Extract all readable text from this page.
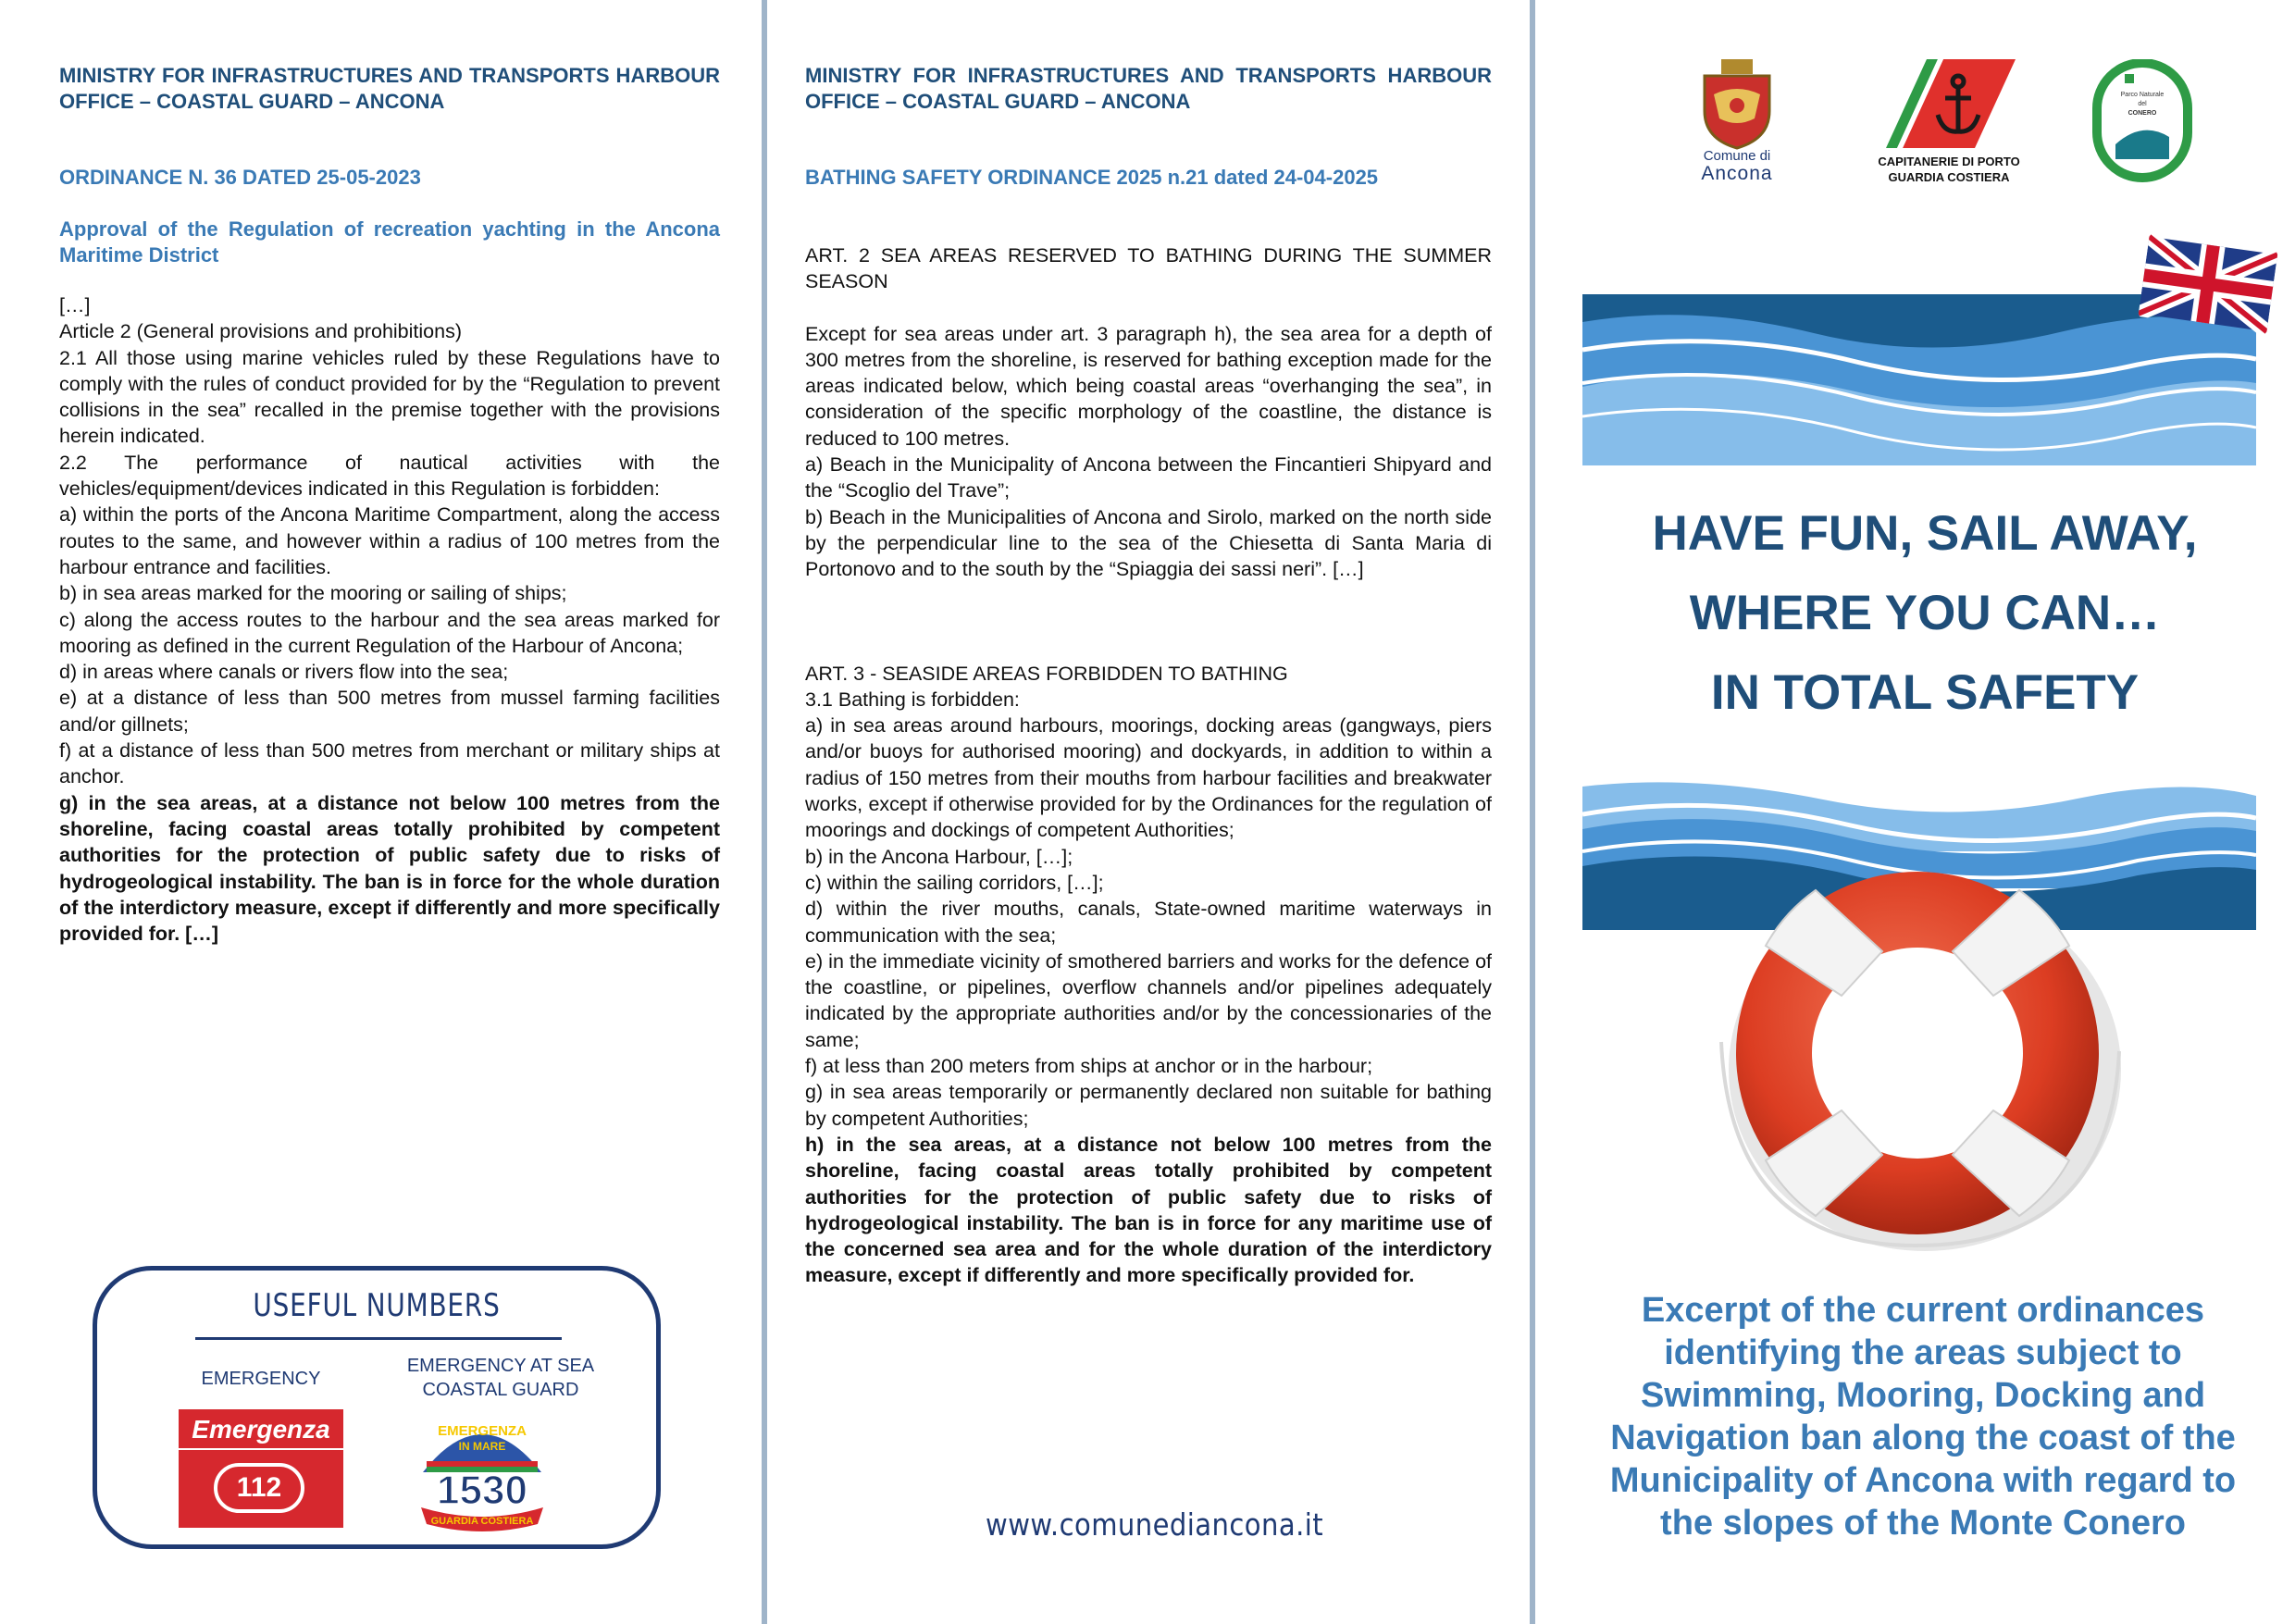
MINISTRY FOR INFRASTRUCTURES AND TRANSPORTS HARBOUR OFFICE – COASTAL GUARD – ANCONA
ORDINANCE N. 36 DATED 25-05-2023
Approval of the Regulation of recreation yachting in the Ancona Maritime District

[…]

Article 2 (General provisions and prohibitions)

2.1 All those using marine vehicles ruled by these Regulations have to comply with the rules of conduct provided for by the “Regulation to prevent collisions in the sea” recalled in the premise together with the provisions herein indicated.

2.2 The performance of nautical activities with the vehicles/equipment/devices indicated in this Regulation is forbidden:

a) within the ports of the Ancona Maritime Compartment, along the access routes to the same, and however within a radius of 100 metres from the harbour entrance and facilities.

b) in sea areas marked for the mooring or sailing of ships;

c) along the access routes to the harbour and the sea areas marked for mooring as defined in the current Regulation of the Harbour of Ancona;

d) in areas where canals or rivers flow into the sea;

e) at a distance of less than 500 metres from mussel farming facilities and/or gillnets;

f) at a distance of less than 500 metres from merchant or military ships at anchor.

g) in the sea areas, at a distance not below 100 metres from the shoreline, facing coastal areas totally prohibited by competent authorities for the protection of public safety due to risks of hydrogeological instability. The ban is in force for the whole duration of the interdictory measure, except if differently and more specifically provided for. […]

USEFUL NUMBERS
EMERGENCY
EMERGENCY AT SEA
COASTAL GUARD
Emergenza
112
EMERGENZA
IN MARE
1530
GUARDIA COSTIERA
MINISTRY FOR INFRASTRUCTURES AND TRANSPORTS HARBOUR OFFICE – COASTAL GUARD – ANCONA
BATHING SAFETY ORDINANCE 2025 n.21 dated 24-04-2025

ART. 2 SEA AREAS RESERVED TO BATHING DURING THE SUMMER SEASON

Except for sea areas under art. 3 paragraph h), the sea area for a depth of 300 metres from the shoreline, is reserved for bathing exception made for the areas indicated below, which being coastal areas “overhanging the sea”, in consideration of the specific morphology of the coastline, the distance is reduced to 100 metres.

a) Beach in the Municipality of Ancona between the Fincantieri Shipyard and the “Scoglio del Trave”;

b) Beach in the Municipalities of Ancona and Sirolo, marked on the north side by the perpendicular line to the sea of the Chiesetta di Santa Maria di Portonovo and to the south by the “Spiaggia dei sassi neri”. […]

ART. 3 - SEASIDE AREAS FORBIDDEN TO BATHING

3.1 Bathing is forbidden:

a) in sea areas around harbours, moorings, docking areas (gangways, piers and/or buoys for authorised mooring) and dockyards, in addition to within a radius of 150 metres from their mouths from harbour facilities and breakwater works, except if otherwise provided for by the Ordinances for the regulation of moorings and dockings of competent Authorities;

b) in the Ancona Harbour, […];

c) within the sailing corridors, […];

d) within the river mouths, canals, State-owned maritime waterways in communication with the sea;

e) in the immediate vicinity of smothered barriers and works for the defence of the coastline, or pipelines, overflow channels and/or pipelines adequately indicated by the appropriate authorities and/or by the concessionaries of the same;

f) at less than 200 meters from ships at anchor or in the harbour;

g) in sea areas temporarily or permanently declared non suitable for bathing by competent Authorities;

h) in the sea areas, at a distance not below 100 metres from the shoreline, facing coastal areas totally prohibited by competent authorities for the protection of public safety due to risks of hydrogeological instability. The ban is in force for any maritime use of the concerned sea area and for the whole duration of the interdictory measure, except if differently and more specifically provided for.

www.comunediancona.it
Comune di
Ancona
CAPITANERIE DI PORTO
GUARDIA COSTIERA
Parco Naturale
del
CONERO
HAVE FUN, SAIL AWAY,
WHERE YOU CAN…
IN TOTAL SAFETY
Excerpt of the current ordinances identifying the areas subject to Swimming, Mooring, Docking and Navigation ban along the coast of the Municipality of Ancona with regard to the slopes of the Monte Conero
